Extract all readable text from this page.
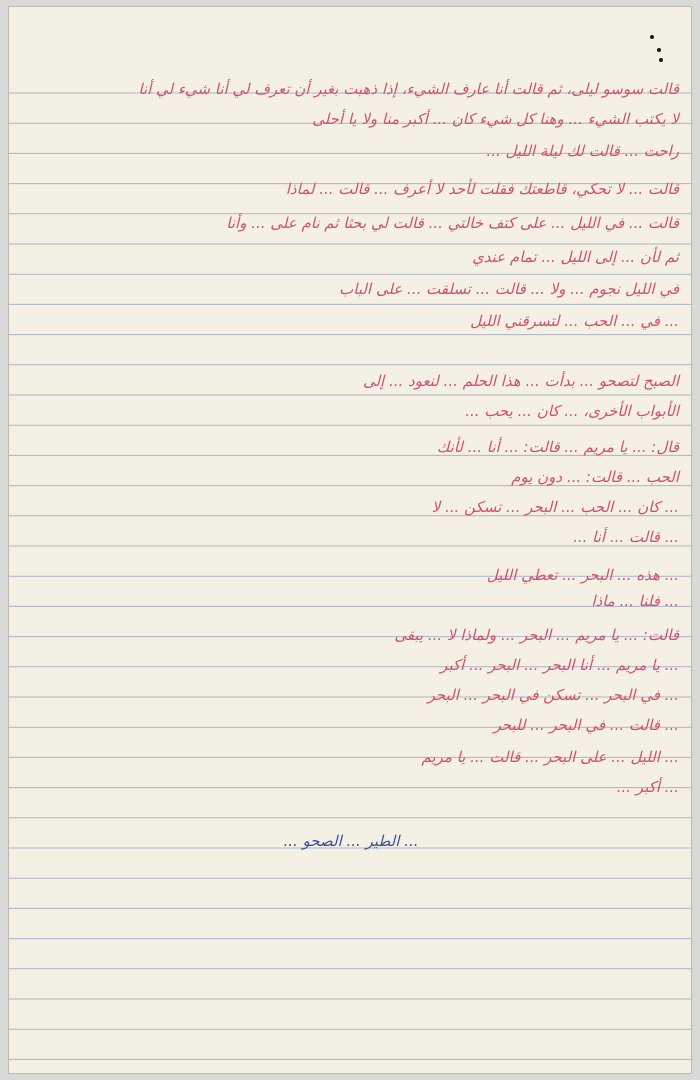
قالت سوسو ليلى، ثم قالت أنا عارف الشيء، إذا ذهبت بغير أن تعرف لي أنا شيء لي أنا
لا يكتب الشيء ... وهنا كل شيء كان ... أكبر منا ولا يا أحلى
راحت ... قالت لك ليلة الليل ...
قالت ... لا تحكي، قاطعتك فقلت لأحد لا أعرف ... قالت ... لماذا
قالت ... في الليل ... على كتف خالتي ... قالت لي بحثا ثم نام على ... وأنا
ثم لأن ... إلى الليل ... تمام عندي
في الليل نجوم ... ولا ... قالت ... تسلقت ... على الباب
... في ... الحب ... لتسرقني الليل
الصبح لتصحو ... بدأت ... هذا الحلم ... لنعود ... إلى
الأبواب الأخرى، ... كان ... يحب ...
قال: ... يا مريم ... قالت: ... أنا ... لأنك
الحب ... قالت: ... دون يوم
... كان ... الحب ... البحر ... تسكن ... لا
... قالت ... أنا ...
... هذه ... البحر ... تعطي الليل
... فلنا ... ماذا
قالت: ... يا مريم ... البحر ... ولماذا لا ... يبقى
... يا مريم ... أنا البحر ... البحر ... أكبر
... في البحر ... تسكن في البحر ... البحر
... قالت ... في البحر ... للبحر
... الليل ... على البحر ... قالت ... يا مريم
... أكبر ...
... الطير ... الصحو ...
